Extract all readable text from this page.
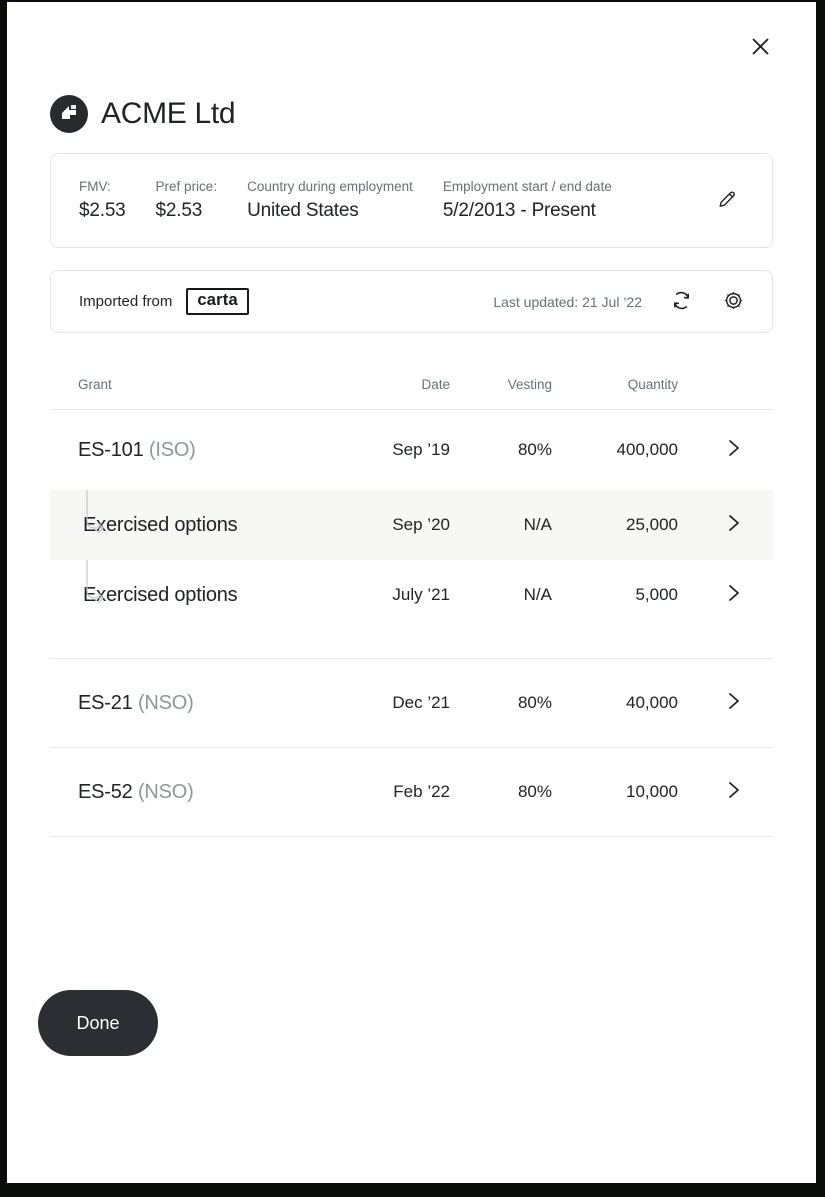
ACME Ltd
FMV:
$2.53
Pref price:
$2.53
Country during employment
United States
Employment start / end date
5/2/2013 - Present
Imported from	carta	Last updated: 21 Jul ’22
Grant	Date	Vesting	Quantity
ES-101 (ISO)	Sep ’19	80%	400,000
Exercised options	Sep ’20	N/A	25,000
Exercised options	July ’21	N/A	5,000
ES-21 (NSO)	Dec ’21	80%	40,000
ES-52 (NSO)	Feb ’22	80%	10,000
Done
